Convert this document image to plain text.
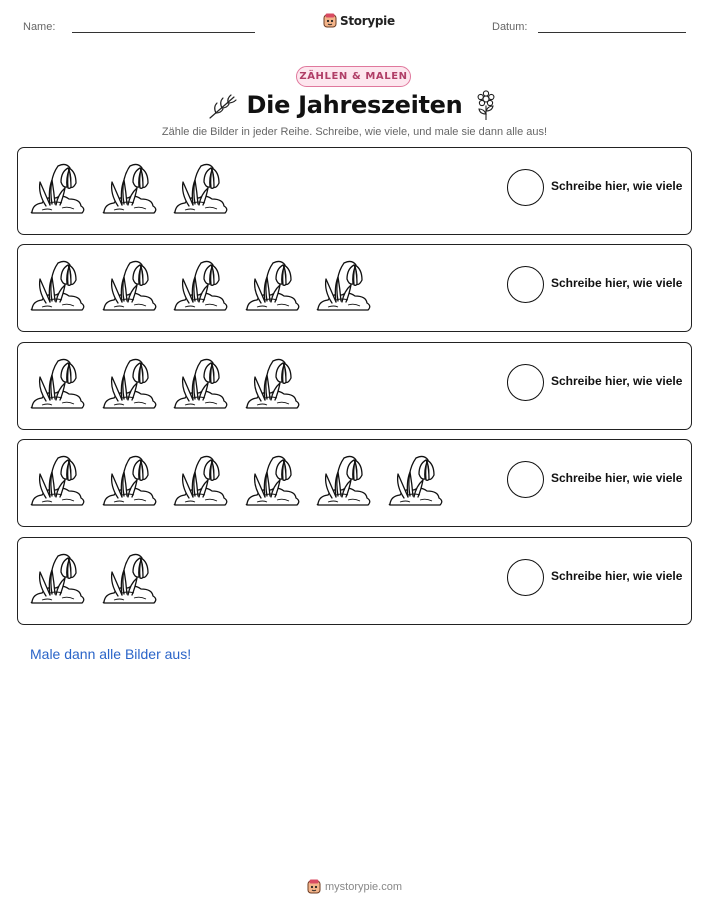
Name:	Storypie	Datum:
ZÄHLEN & MALEN
Die Jahreszeiten
Zähle die Bilder in jeder Reihe. Schreibe, wie viele, und male sie dann alle aus!
Schreibe hier, wie viele
Schreibe hier, wie viele
Schreibe hier, wie viele
Schreibe hier, wie viele
Schreibe hier, wie viele
Male dann alle Bilder aus!
mystorypie.com
